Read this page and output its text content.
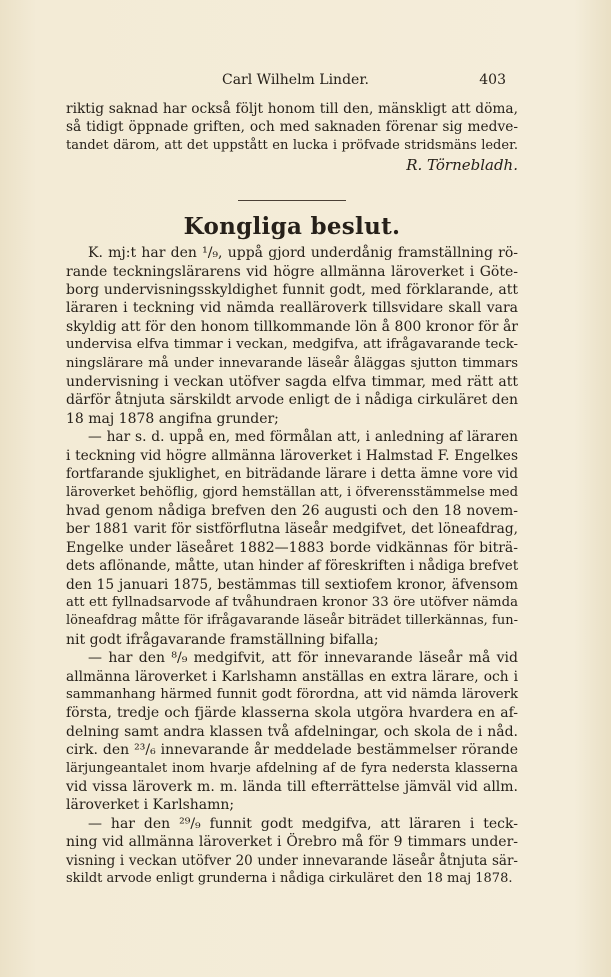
Carl Wilhelm Linder.	403

riktig saknad har också följt honom till den, mänskligt att döma,
så tidigt öppnade griften, och med saknaden förenar sig medve-
tandet därom, att det uppstått en lucka i pröfvade stridsmäns leder.

R. Törnebladh.

Kongliga beslut.

K. mj:t har den ¹/₉, uppå gjord underdånig framställning rö-
rande teckningslärarens vid högre allmänna läroverket i Göte-
borg undervisningsskyldighet funnit godt, med förklarande, att
läraren i teckning vid nämda realläroverk tillsvidare skall vara
skyldig att för den honom tillkommande lön å 800 kronor för år
undervisa elfva timmar i veckan, medgifva, att ifrågavarande teck-
ningslärare må under innevarande läseår åläggas sjutton timmars
undervisning i veckan utöfver sagda elfva timmar, med rätt att
därför åtnjuta särskildt arvode enligt de i nådiga cirkuläret den
18 maj 1878 angifna grunder;

— har s. d. uppå en, med förmålan att, i anledning af läraren
i teckning vid högre allmänna läroverket i Halmstad F. Engelkes
fortfarande sjuklighet, en biträdande lärare i detta ämne vore vid
läroverket behöflig, gjord hemställan att, i öfverensstämmelse med
hvad genom nådiga brefven den 26 augusti och den 18 novem-
ber 1881 varit för sistförflutna läseår medgifvet, det löneafdrag,
Engelke under läseåret 1882—1883 borde vidkännas för biträ-
dets aflönande, måtte, utan hinder af föreskriften i nådiga brefvet
den 15 januari 1875, bestämmas till sextiofem kronor, äfvensom
att ett fyllnadsarvode af tvåhundraen kronor 33 öre utöfver nämda
löneafdrag måtte för ifrågavarande läseår biträdet tillerkännas, fun-
nit godt ifrågavarande framställning bifalla;

— har den ⁸/₉ medgifvit, att för innevarande läseår må vid
allmänna läroverket i Karlshamn anställas en extra lärare, och i
sammanhang härmed funnit godt förordna, att vid nämda läroverk
första, tredje och fjärde klasserna skola utgöra hvardera en af-
delning samt andra klassen två afdelningar, och skola de i nåd.
cirk. den ²³/₆ innevarande år meddelade bestämmelser rörande
lärjungeantalet inom hvarje afdelning af de fyra nedersta klasserna
vid vissa läroverk m. m. lända till efterrättelse jämväl vid allm.
läroverket i Karlshamn;

— har den ²⁹/₉ funnit godt medgifva, att läraren i teck-
ning vid allmänna läroverket i Örebro må för 9 timmars under-
visning i veckan utöfver 20 under innevarande läseår åtnjuta sär-
skildt arvode enligt grunderna i nådiga cirkuläret den 18 maj 1878.
